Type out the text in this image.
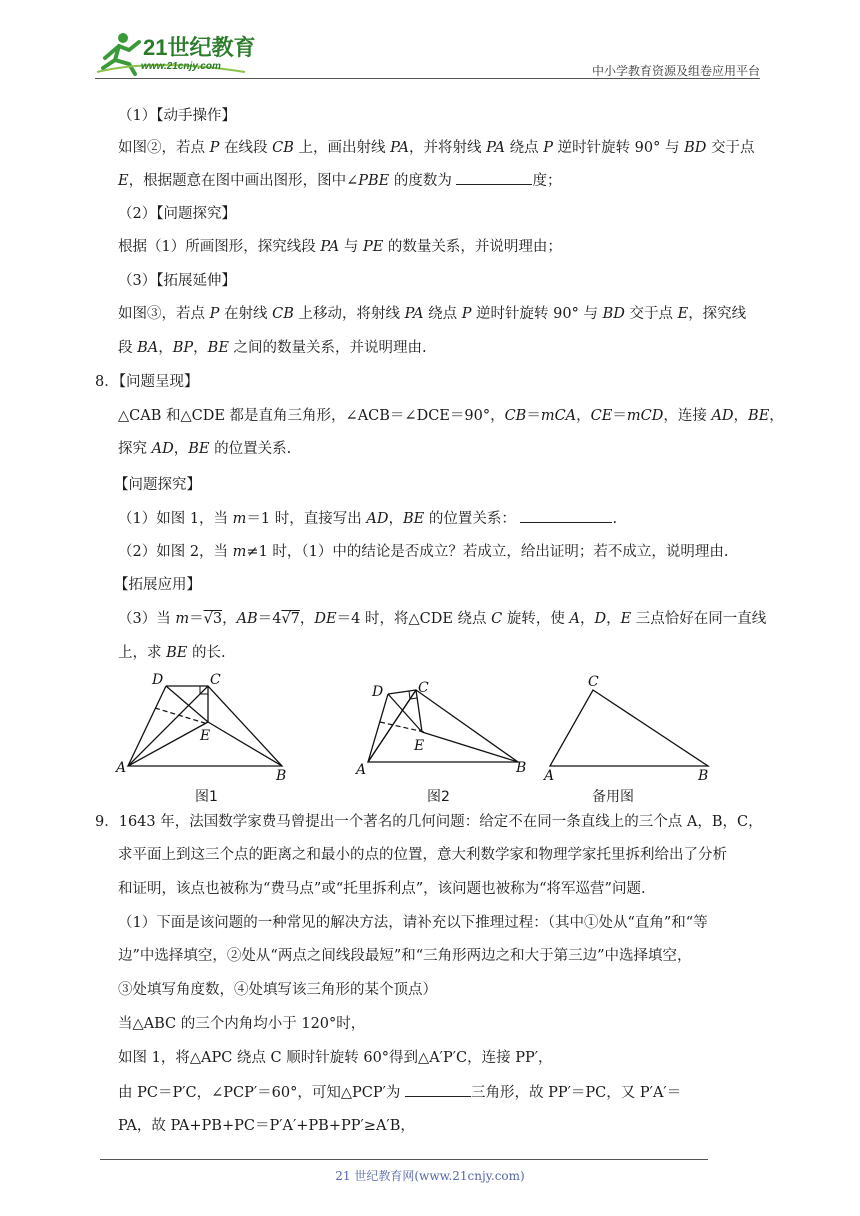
21世纪教育
www.21cnjy.com	中小学教育资源及组卷应用平台
（1）【动手操作】
如图②，若点 P 在线段 CB 上，画出射线 PA，并将射线 PA 绕点 P 逆时针旋转 90° 与 BD 交于点
E，根据题意在图中画出图形，图中∠PBE 的度数为	度；
（2）【问题探究】
根据（1）所画图形，探究线段 PA 与 PE 的数量关系，并说明理由；
（3）【拓展延伸】
如图③，若点 P 在射线 CB 上移动，将射线 PA 绕点 P 逆时针旋转 90° 与 BD 交于点 E，探究线
段 BA，BP，BE 之间的数量关系，并说明理由.
8．【问题呈现】
△CAB 和△CDE 都是直角三角形，∠ACB＝∠DCE＝90°，CB＝mCA，CE＝mCD，连接 AD，BE，
探究 AD，BE 的位置关系.
【问题探究】
（1）如图 1，当 m＝1 时，直接写出 AD，BE 的位置关系：	.
（2）如图 2，当 m≠1 时，（1）中的结论是否成立？若成立，给出证明；若不成立，说明理由.
【拓展应用】
（3）当 m＝√3，AB＝4√7，DE＝4 时，将△CDE 绕点 C 旋转，使 A，D，E 三点恰好在同一直线
上，求 BE 的长.
D	C
E
A	B
D C
E
A	B
C
A	B
图1	图2	备用图
9．1643 年，法国数学家费马曾提出一个著名的几何问题：给定不在同一条直线上的三个点 A，B，C，
求平面上到这三个点的距离之和最小的点的位置，意大利数学家和物理学家托里拆利给出了分析
和证明，该点也被称为“费马点”或“托里拆利点”，该问题也被称为“将军巡营”问题.
（1）下面是该问题的一种常见的解决方法，请补充以下推理过程：（其中①处从“直角”和“等
边”中选择填空，②处从“两点之间线段最短”和“三角形两边之和大于第三边”中选择填空，
③处填写角度数，④处填写该三角形的某个顶点）
当△ABC 的三个内角均小于 120°时，
如图 1，将△APC 绕点 C 顺时针旋转 60°得到△A′P′C，连接 PP′，
由 PC＝P′C，∠PCP′＝60°，可知△PCP′为	三角形，故 PP′＝PC，又 P′A′＝
PA，故 PA+PB+PC＝P′A′+PB+PP′≥A′B，
21 世纪教育网(www.21cnjy.com)
